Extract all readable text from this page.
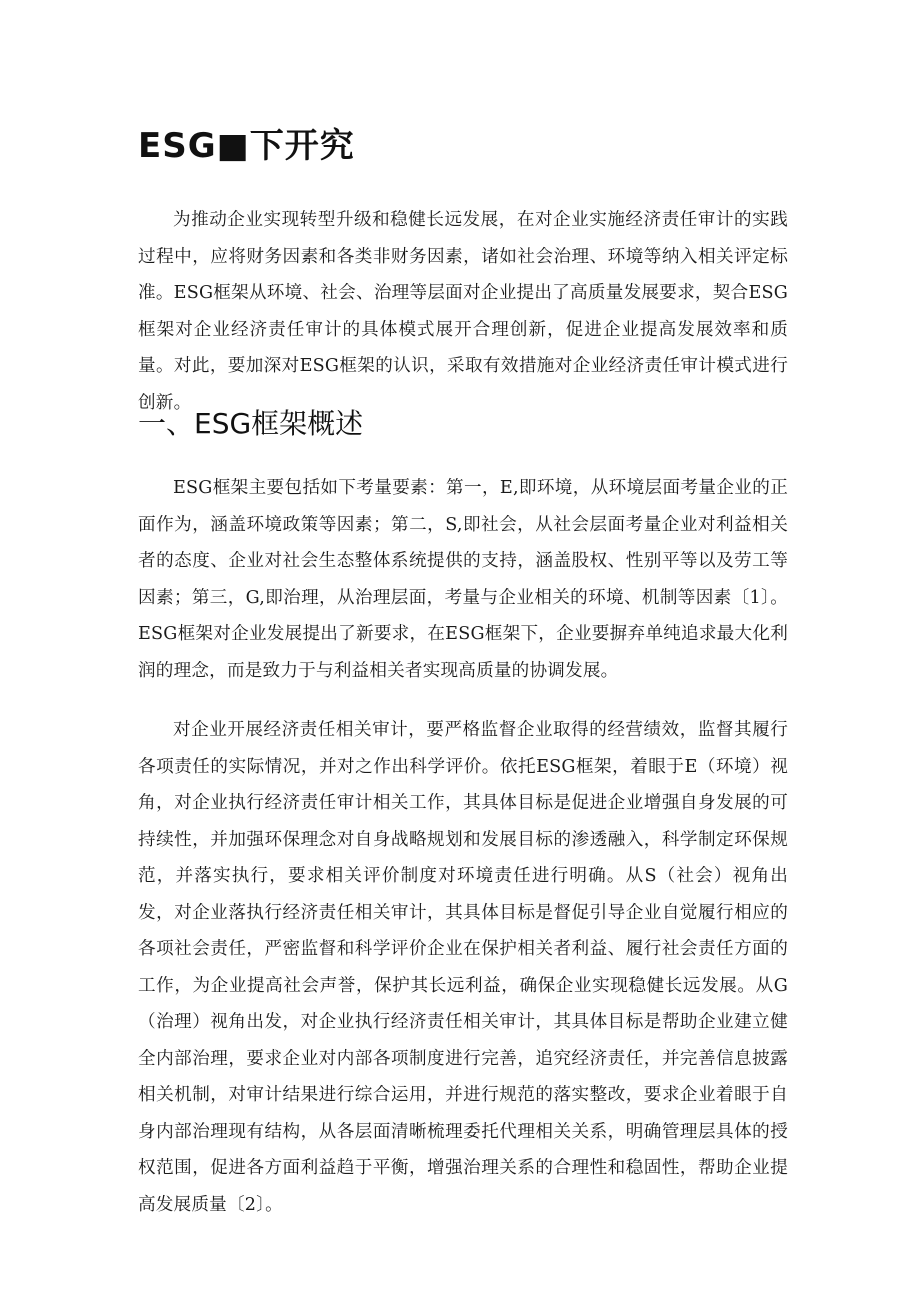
ESG■下开究

为推动企业实现转型升级和稳健长远发展，在对企业实施经济责任审计的实践过程中，应将财务因素和各类非财务因素，诸如社会治理、环境等纳入相关评定标准。ESG框架从环境、社会、治理等层面对企业提出了高质量发展要求，契合ESG框架对企业经济责任审计的具体模式展开合理创新，促进企业提高发展效率和质量。对此，要加深对ESG框架的认识，采取有效措施对企业经济责任审计模式进行创新。

一、ESG框架概述

ESG框架主要包括如下考量要素：第一，E,即环境，从环境层面考量企业的正面作为，涵盖环境政策等因素；第二，S,即社会，从社会层面考量企业对利益相关者的态度、企业对社会生态整体系统提供的支持，涵盖股权、性别平等以及劳工等因素；第三，G,即治理，从治理层面，考量与企业相关的环境、机制等因素〔1〕。ESG框架对企业发展提出了新要求，在ESG框架下，企业要摒弃单纯追求最大化利润的理念，而是致力于与利益相关者实现高质量的协调发展。

对企业开展经济责任相关审计，要严格监督企业取得的经营绩效，监督其履行各项责任的实际情况，并对之作出科学评价。依托ESG框架，着眼于E（环境）视角，对企业执行经济责任审计相关工作，其具体目标是促进企业增强自身发展的可持续性，并加强环保理念对自身战略规划和发展目标的渗透融入，科学制定环保规范，并落实执行，要求相关评价制度对环境责任进行明确。从S（社会）视角出发，对企业落执行经济责任相关审计，其具体目标是督促引导企业自觉履行相应的各项社会责任，严密监督和科学评价企业在保护相关者利益、履行社会责任方面的工作，为企业提高社会声誉，保护其长远利益，确保企业实现稳健长远发展。从G（治理）视角出发，对企业执行经济责任相关审计，其具体目标是帮助企业建立健全内部治理，要求企业对内部各项制度进行完善，追究经济责任，并完善信息披露相关机制，对审计结果进行综合运用，并进行规范的落实整改，要求企业着眼于自身内部治理现有结构，从各层面清晰梳理委托代理相关关系，明确管理层具体的授权范围，促进各方面利益趋于平衡，增强治理关系的合理性和稳固性，帮助企业提高发展质量〔2〕。
